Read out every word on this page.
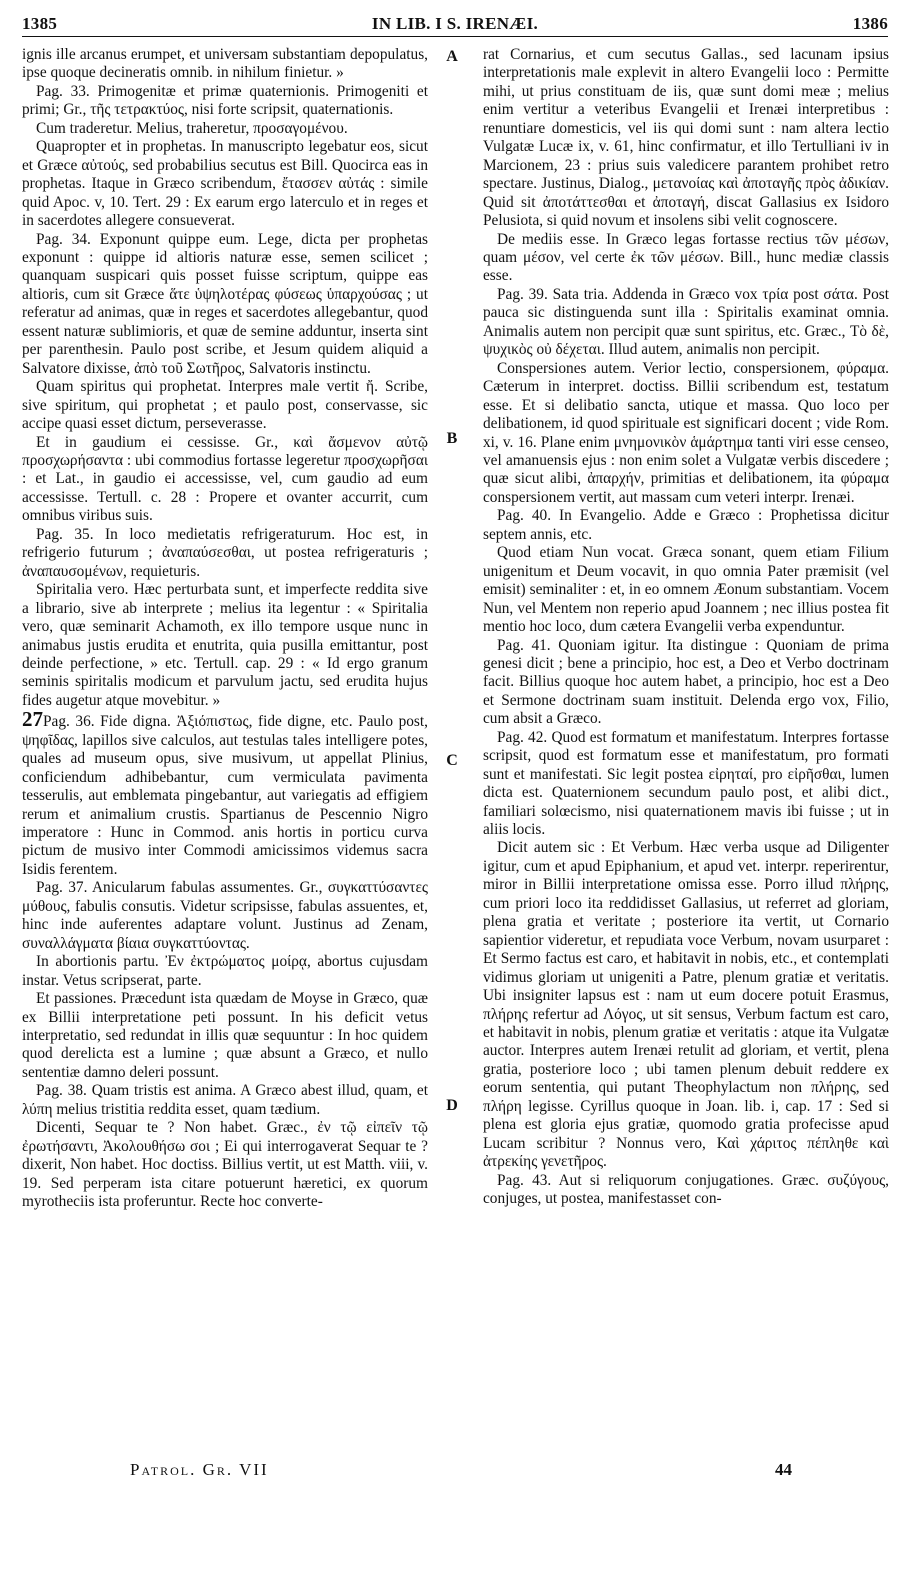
1385	IN LIB. I S. IRENÆI.	1386

ignis ille arcanus erumpet, et universam substantiam depopulatus, ipse quoque decineratis omnib. in nihilum finietur. »

Pag. 33. Primogenitæ et primæ quaternionis. Primogeniti et primi; Gr., τῆς τετρακτύος, nisi forte scripsit, quaternationis.

Cum traderetur. Melius, traheretur, προσαγομένου.

Quapropter et in prophetas. In manuscripto legebatur eos, sicut et Græce αὐτούς, sed probabilius secutus est Bill. Quocirca eas in prophetas. Itaque in Græco scribendum, ἔτασσεν αὐτάς : simile quid Apoc. v, 10. Tert. 29 : Ex earum ergo laterculo et in reges et in sacerdotes allegere consueverat.

Pag. 34. Exponunt quippe eum. Lege, dicta per prophetas exponunt : quippe id altioris naturæ esse, semen scilicet ; quanquam suspicari quis posset fuisse scriptum, quippe eas altioris, cum sit Græce ἅτε ὑψηλοτέρας φύσεως ὑπαρχούσας ; ut referatur ad animas, quæ in reges et sacerdotes allegebantur, quod essent naturæ sublimioris, et quæ de semine adduntur, inserta sint per parenthesin. Paulo post scribe, et Jesum quidem aliquid a Salvatore dixisse, ἀπὸ τοῦ Σωτῆρος, Salvatoris instinctu.

Quam spiritus qui prophetat. Interpres male vertit ἤ. Scribe, sive spiritum, qui prophetat ; et paulo post, conservasse, sic accipe quasi esset dictum, perseverasse.

Et in gaudium ei cessisse. Gr., καὶ ἄσμενον αὐτῷ προσχωρήσαντα : ubi commodius fortasse legeretur προσχωρῆσαι : et Lat., in gaudio ei accessisse, vel, cum gaudio ad eum accessisse. Tertull. c. 28 : Propere et ovanter accurrit, cum omnibus viribus suis.

Pag. 35. In loco medietatis refrigeraturum. Hoc est, in refrigerio futurum ; ἀναπαύσεσθαι, ut postea refrigeraturis ; ἀναπαυσομένων, requieturis.

Spiritalia vero. Hæc perturbata sunt, et imperfecte reddita sive a librario, sive ab interprete ; melius ita legentur : « Spiritalia vero, quæ seminarit Achamoth, ex illo tempore usque nunc in animabus justis erudita et enutrita, quia pusilla emittantur, post deinde perfectione, » etc. Tertull. cap. 29 : « Id ergo granum seminis spiritalis modicum et parvulum jactu, sed erudita hujus fides augetur atque movebitur. »

27Pag. 36. Fide digna. Ἀξιόπιστως, fide digne, etc. Paulo post, ψηφῖδας, lapillos sive calculos, aut testulas tales intelligere potes, quales ad museum opus, sive musivum, ut appellat Plinius, conficiendum adhibebantur, cum vermiculata pavimenta tesserulis, aut emblemata pingebantur, aut variegatis ad effigiem rerum et animalium crustis. Spartianus de Pescennio Nigro imperatore : Hunc in Commod. anis hortis in porticu curva pictum de musivo inter Commodi amicissimos videmus sacra Isidis ferentem.

Pag. 37. Anicularum fabulas assumentes. Gr., συγκαττύσαντες μύθους, fabulis consutis. Videtur scripsisse, fabulas assuentes, et, hinc inde auferentes adaptare volunt. Justinus ad Zenam, συναλλάγματα βίαια συγκαττύοντας.

In abortionis partu. Ἐν ἐκτρώματος μοίρᾳ, abortus cujusdam instar. Vetus scripserat, parte.

Et passiones. Præcedunt ista quædam de Moyse in Græco, quæ ex Billii interpretatione peti possunt. In his deficit vetus interpretatio, sed redundat in illis quæ sequuntur : In hoc quidem quod derelicta est a lumine ; quæ absunt a Græco, et nullo sententiæ damno deleri possunt.

Pag. 38. Quam tristis est anima. A Græco abest illud, quam, et λύπη melius tristitia reddita esset, quam tædium.

Dicenti, Sequar te ? Non habet. Græc., ἐν τῷ εἰπεῖν τῷ ἐρωτήσαντι, Ἀκολουθήσω σοι ; Ei qui interrogaverat Sequar te ? dixerit, Non habet. Hoc doctiss. Billius vertit, ut est Matth. viii, v. 19. Sed perperam ista citare potuerunt hæretici, ex quorum myrotheciis ista proferuntur. Recte hoc converte-

A
B
C
D

rat Cornarius, et cum secutus Gallas., sed lacunam ipsius interpretationis male explevit in altero Evangelii loco : Permitte mihi, ut prius constituam de iis, quæ sunt domi meæ ; melius enim vertitur a veteribus Evangelii et Irenæi interpretibus : renuntiare domesticis, vel iis qui domi sunt : nam altera lectio Vulgatæ Lucæ ix, v. 61, hinc confirmatur, et illo Tertulliani iv in Marcionem, 23 : prius suis valedicere parantem prohibet retro spectare. Justinus, Dialog., μετανοίας καὶ ἀποταγῆς πρὸς ἀδικίαν. Quid sit ἀποτάττεσθαι et ἀποταγή, discat Gallasius ex Isidoro Pelusiota, si quid novum et insolens sibi velit cognoscere.

De mediis esse. In Græco legas fortasse rectius τῶν μέσων, quam μέσον, vel certe ἐκ τῶν μέσων. Bill., hunc mediæ classis esse.

Pag. 39. Sata tria. Addenda in Græco vox τρία post σάτα. Post pauca sic distinguenda sunt illa : Spiritalis examinat omnia. Animalis autem non percipit quæ sunt spiritus, etc. Græc., Τὸ δὲ, ψυχικὸς οὐ δέχεται. Illud autem, animalis non percipit.

Conspersiones autem. Verior lectio, conspersionem, φύραμα. Cæterum in interpret. doctiss. Billii scribendum est, testatum esse. Et si delibatio sancta, utique et massa. Quo loco per delibationem, id quod spirituale est significari docent ; vide Rom. xi, v. 16. Plane enim μνημονικὸν ἁμάρτημα tanti viri esse censeo, vel amanuensis ejus : non enim solet a Vulgatæ verbis discedere ; quæ sicut alibi, ἀπαρχήν, primitias et delibationem, ita φύραμα conspersionem vertit, aut massam cum veteri interpr. Irenæi.

Pag. 40. In Evangelio. Adde e Græco : Prophetissa dicitur septem annis, etc.

Quod etiam Nun vocat. Græca sonant, quem etiam Filium unigenitum et Deum vocavit, in quo omnia Pater præmisit (vel emisit) seminaliter : et, in eo omnem Æonum substantiam. Vocem Nun, vel Mentem non reperio apud Joannem ; nec illius postea fit mentio hoc loco, dum cætera Evangelii verba expenduntur.

Pag. 41. Quoniam igitur. Ita distingue : Quoniam de prima genesi dicit ; bene a principio, hoc est, a Deo et Verbo doctrinam facit. Billius quoque hoc autem habet, a principio, hoc est a Deo et Sermone doctrinam suam instituit. Delenda ergo vox, Filio, cum absit a Græco.

Pag. 42. Quod est formatum et manifestatum. Interpres fortasse scripsit, quod est formatum esse et manifestatum, pro formati sunt et manifestati. Sic legit postea εἰρηταί, pro εἰρῆσθαι, lumen dicta est. Quaternionem secundum paulo post, et alibi dict., familiari solœcismo, nisi quaternationem mavis ibi fuisse ; ut in aliis locis.

Dicit autem sic : Et Verbum. Hæc verba usque ad Diligenter igitur, cum et apud Epiphanium, et apud vet. interpr. reperirentur, miror in Billii interpretatione omissa esse. Porro illud πλήρης, cum priori loco ita reddidisset Gallasius, ut referret ad gloriam, plena gratia et veritate ; posteriore ita vertit, ut Cornario sapientior videretur, et repudiata voce Verbum, novam usurparet : Et Sermo factus est caro, et habitavit in nobis, etc., et contemplati vidimus gloriam ut unigeniti a Patre, plenum gratiæ et veritatis. Ubi insigniter lapsus est : nam ut eum docere potuit Erasmus, πλήρης refertur ad Λόγος, ut sit sensus, Verbum factum est caro, et habitavit in nobis, plenum gratiæ et veritatis : atque ita Vulgatæ auctor. Interpres autem Irenæi retulit ad gloriam, et vertit, plena gratia, posteriore loco ; ubi tamen plenum debuit reddere ex eorum sententia, qui putant Theophylactum non πλήρης, sed πλήρη legisse. Cyrillus quoque in Joan. lib. i, cap. 17 : Sed si plena est gloria ejus gratiæ, quomodo gratia profecisse apud Lucam scribitur ? Nonnus vero, Καὶ χάριτος πέπληθε καὶ ἀτρεκίης γενετῆρος.

Pag. 43. Aut si reliquorum conjugationes. Græc. συζύγους, conjuges, ut postea, manifestasset con-

Patrol. Gr. VII	44
